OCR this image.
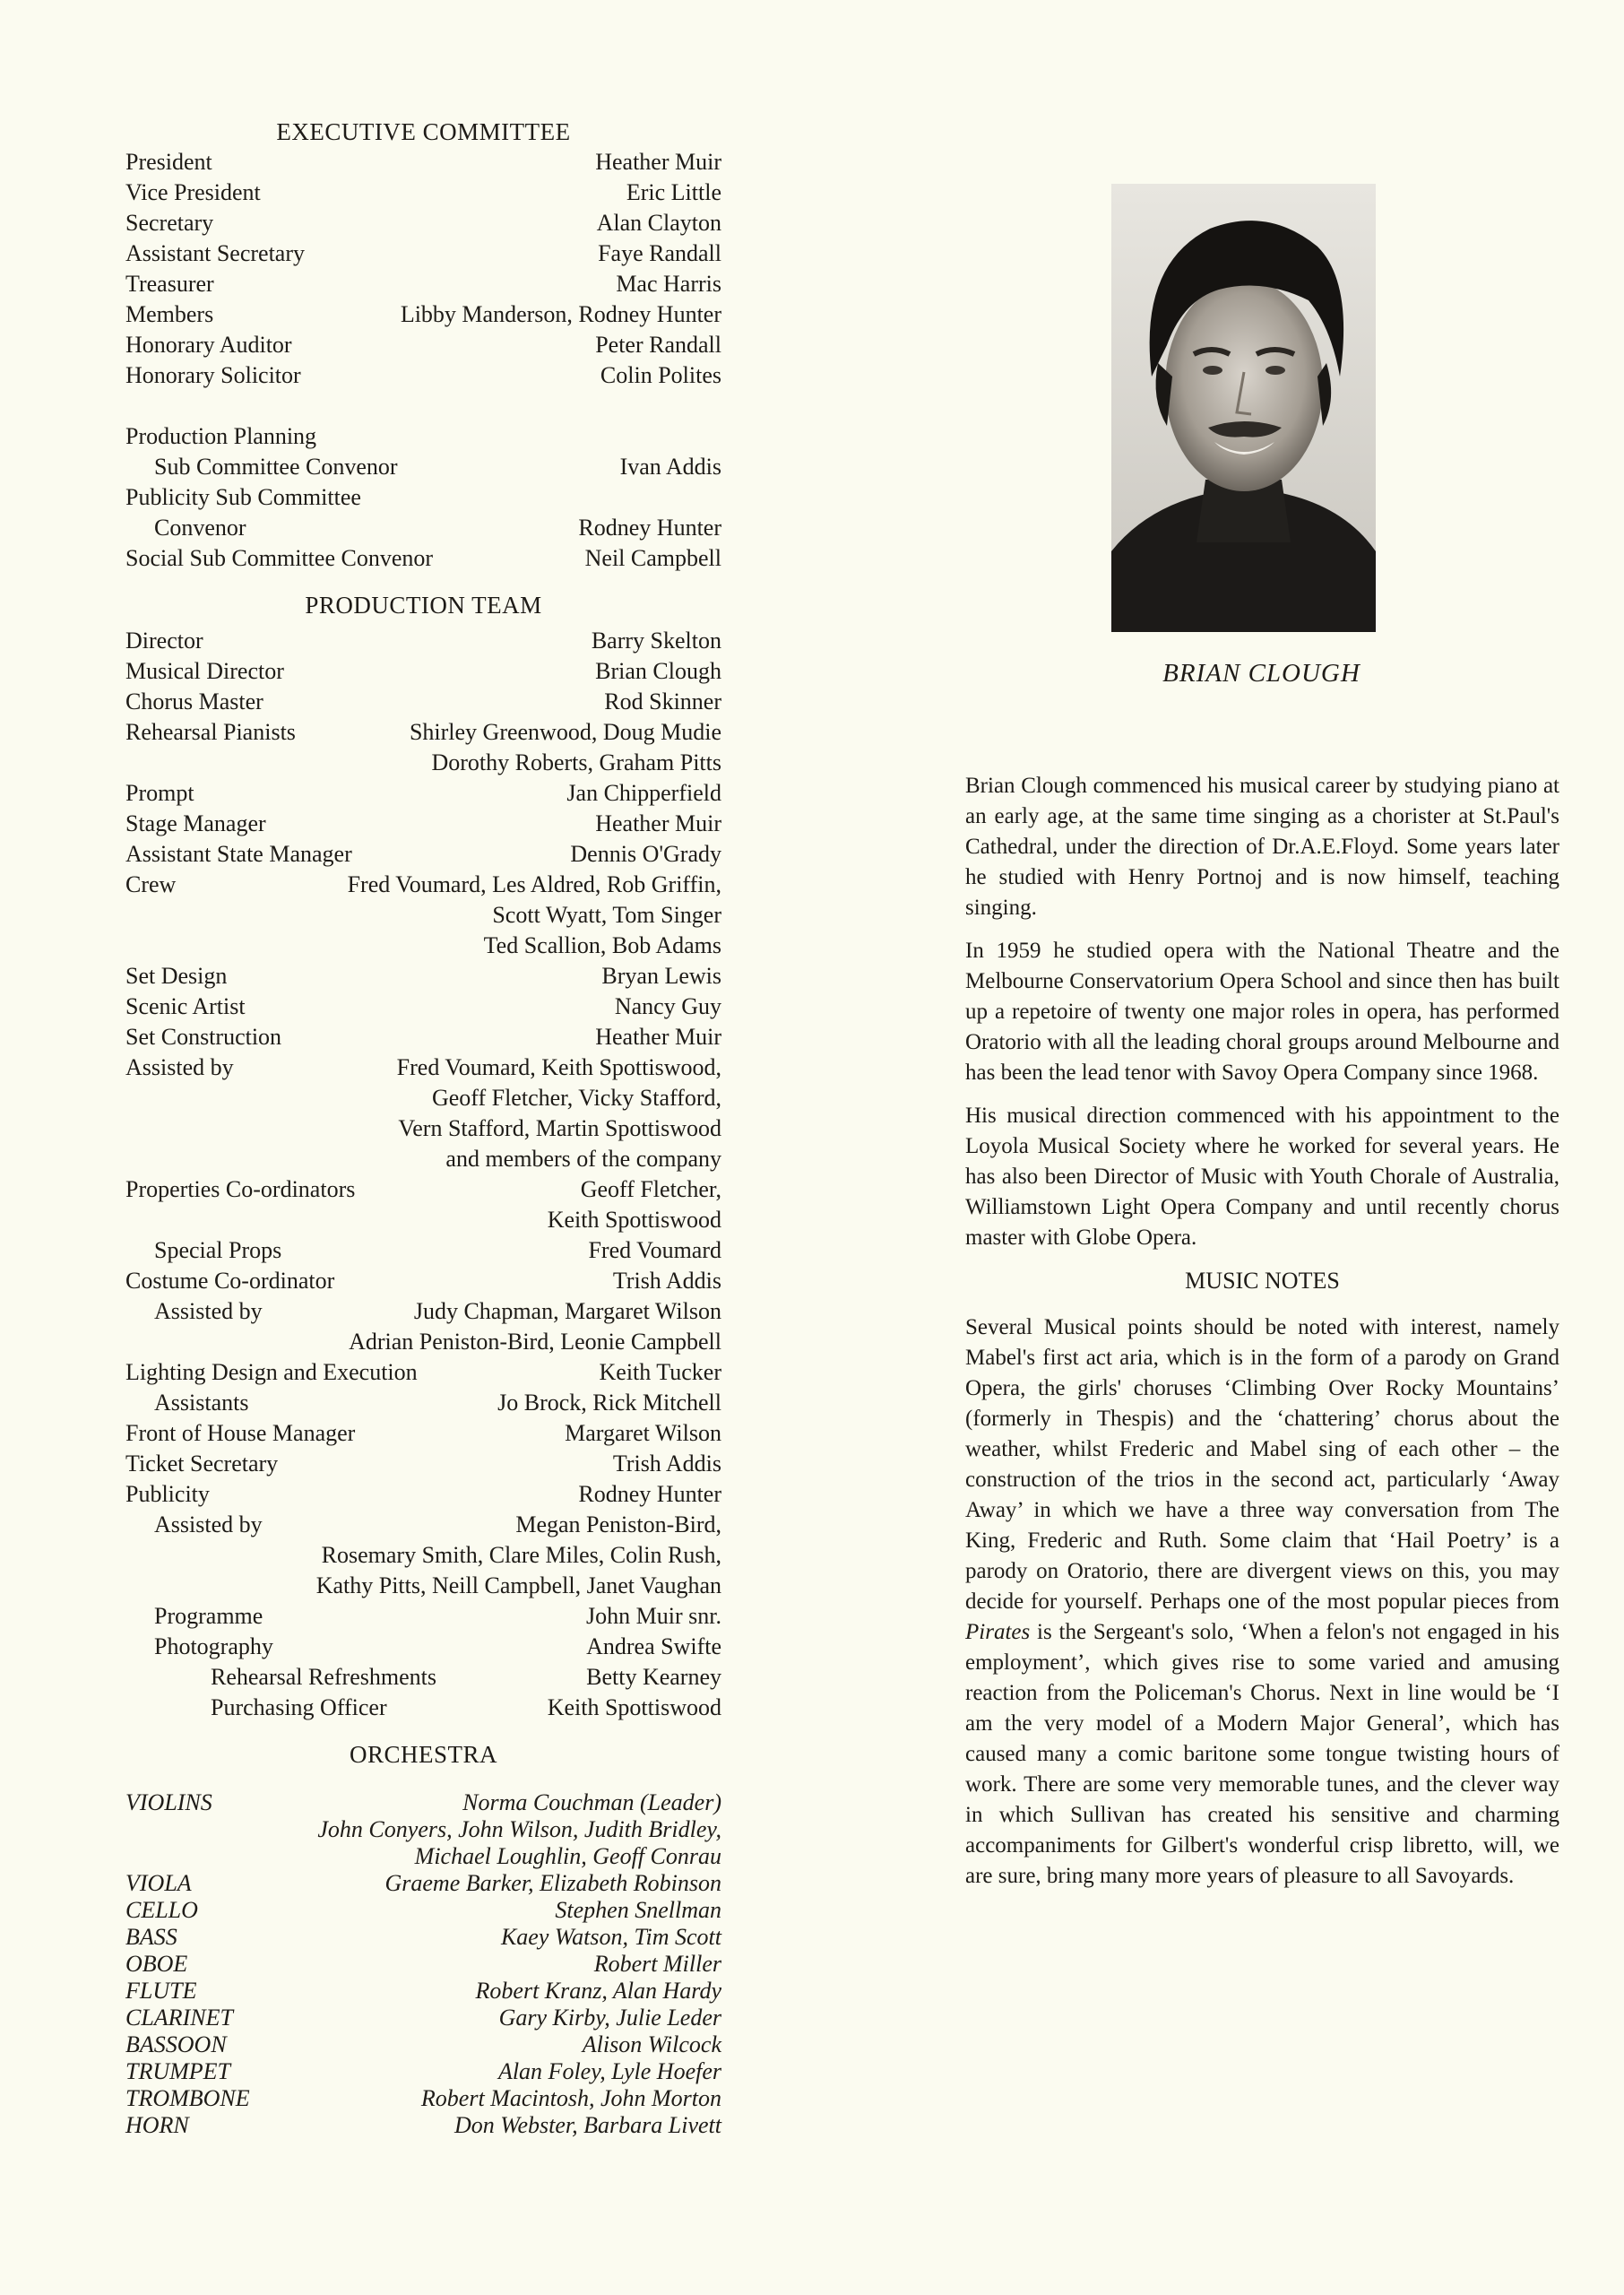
EXECUTIVE COMMITTEE
President	Heather Muir
Vice President	Eric Little
Secretary	Alan Clayton
Assistant Secretary	Faye Randall
Treasurer	Mac Harris
Members	Libby Manderson, Rodney Hunter
Honorary Auditor	Peter Randall
Honorary Solicitor	Colin Polites
Production Planning
Sub Committee Convenor	Ivan Addis
Publicity Sub Committee
Convenor	Rodney Hunter
Social Sub Committee Convenor	Neil Campbell
PRODUCTION TEAM
Director	Barry Skelton
Musical Director	Brian Clough
Chorus Master	Rod Skinner
Rehearsal Pianists	Shirley Greenwood, Doug Mudie
Dorothy Roberts, Graham Pitts
Prompt	Jan Chipperfield
Stage Manager	Heather Muir
Assistant State Manager	Dennis O'Grady
Crew	Fred Voumard, Les Aldred, Rob Griffin,
Scott Wyatt, Tom Singer
Ted Scallion, Bob Adams
Set Design	Bryan Lewis
Scenic Artist	Nancy Guy
Set Construction	Heather Muir
Assisted by	Fred Voumard, Keith Spottiswood,
Geoff Fletcher, Vicky Stafford,
Vern Stafford, Martin Spottiswood
and members of the company
Properties Co-ordinators	Geoff Fletcher,
Keith Spottiswood
Special Props	Fred Voumard
Costume Co-ordinator	Trish Addis
Assisted by	Judy Chapman, Margaret Wilson
Adrian Peniston-Bird, Leonie Campbell
Lighting Design and Execution	Keith Tucker
Assistants	Jo Brock, Rick Mitchell
Front of House Manager	Margaret Wilson
Ticket Secretary	Trish Addis
Publicity	Rodney Hunter
Assisted by	Megan Peniston-Bird,
Rosemary Smith, Clare Miles, Colin Rush,
Kathy Pitts, Neill Campbell, Janet Vaughan
Programme	John Muir snr.
Photography	Andrea Swifte
Rehearsal Refreshments	Betty Kearney
Purchasing Officer	Keith Spottiswood
ORCHESTRA
VIOLINS	Norma Couchman (Leader)
John Conyers, John Wilson, Judith Bridley,
Michael Loughlin, Geoff Conrau
VIOLA	Graeme Barker, Elizabeth Robinson
CELLO	Stephen Snellman
BASS	Kaey Watson, Tim Scott
OBOE	Robert Miller
FLUTE	Robert Kranz, Alan Hardy
CLARINET	Gary Kirby, Julie Leder
BASSOON	Alison Wilcock
TRUMPET	Alan Foley, Lyle Hoefer
TROMBONE	Robert Macintosh, John Morton
HORN	Don Webster, Barbara Livett
BRIAN CLOUGH

Brian Clough commenced his musical career by studying piano at an early age, at the same time singing as a chorister at St.Paul's Cathedral, under the direction of Dr.A.E.Floyd. Some years later he studied with Henry Portnoj and is now himself, teaching singing.

In 1959 he studied opera with the National Theatre and the Melbourne Conservatorium Opera School and since then has built up a repetoire of twenty one major roles in opera, has performed Oratorio with all the leading choral groups around Melbourne and has been the lead tenor with Savoy Opera Company since 1968.

His musical direction commenced with his appointment to the Loyola Musical Society where he worked for several years. He has also been Director of Music with Youth Chorale of Australia, Williamstown Light Opera Company and until recently chorus master with Globe Opera.

MUSIC NOTES

Several Musical points should be noted with interest, namely Mabel's first act aria, which is in the form of a parody on Grand Opera, the girls' choruses ‘Climbing Over Rocky Mountains’ (formerly in Thespis) and the ‘chattering’ chorus about the weather, whilst Frederic and Mabel sing of each other – the construction of the trios in the second act, particularly ‘Away Away’ in which we have a three way conversation from The King, Frederic and Ruth. Some claim that ‘Hail Poetry’ is a parody on Oratorio, there are divergent views on this, you may decide for yourself. Perhaps one of the most popular pieces from Pirates is the Sergeant's solo, ‘When a felon's not engaged in his employment’, which gives rise to some varied and amusing reaction from the Policeman's Chorus. Next in line would be ‘I am the very model of a Modern Major General’, which has caused many a comic baritone some tongue twisting hours of work. There are some very memorable tunes, and the clever way in which Sullivan has created his sensitive and charming accompaniments for Gilbert's wonderful crisp libretto, will, we are sure, bring many more years of pleasure to all Savoyards.
